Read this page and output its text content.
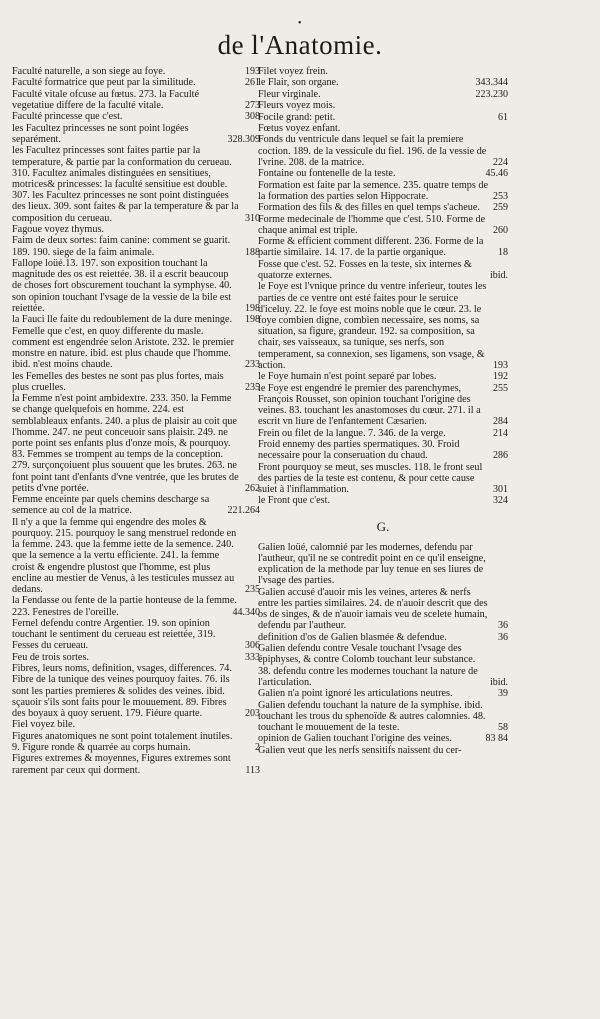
•
de l'Anatomie.
Faculté naturelle, a son siege au foye.	193
Faculté formatrice que peut par la similitude.	261
Faculté vitale ofcuse au fœtus. 273. la Faculté vegetatiue differe de la faculté vitale.	273
Faculté princesse que c'est.	308
les Facultez princesses ne sont point logées separément.	328.309
les Facultez princesses sont faites partie par la temperature, & partie par la conformation du cerueau. 310. Facultez animales distinguées en sensitiues, motrices& princesses: la faculté sensitiue est double. 307. les Facultez princesses ne sont point distinguées des lieux. 309. sont faites & par la temperature & par la composition du cerueau.	310
Fagoue voyez thymus.
Faim de deux sortes: faim canine: comment se guarit. 189. 190. siege de la faim animale.	188
Fallope loüé.13. 197. son exposition touchant la magnitude des os est reiettée. 38. il a escrit beaucoup de choses fort obscurement touchant la symphyse. 40. son opinion touchant l'vsage de la vessie de la bile est reiettée.	198
la Fauci lle faite du redoublement de la dure meninge. 198
Femelle que c'est, en quoy differente du masle. comment est engendrée selon Aristote. 232. le premier monstre en nature. ibid. est plus chaude que l'homme. ibid. n'est moins chaude.	233
les Femelles des bestes ne sont pas plus fortes, mais plus cruelles.	235
la Femme n'est point ambidextre. 233. 350. la Femme se change quelquefois en homme. 224. est semblableaux enfants. 240. a plus de plaisir au coit que l'homme. 247. ne peut conceuoir sans plaisir. 249. ne porte point ses enfants plus d'onze mois, & pourquoy. 83. Femmes se trompent au temps de la conception. 279. surçonçoiuent plus souuent que les brutes. 263. ne font point tant d'enfants d'vne ventrée, que les brutes de petits d'vne portée.	262
Femme enceinte par quels chemins descharge sa semence au col de la matrice.	221.264
Il n'y a que la femme qui engendre des moles & pourquoy. 215. pourquoy le sang menstruel redonde en la femme. 243. que la femme iette de la semence. 240. que la semence a la vertu efficiente. 241. la femme croist & engendre plustost que l'homme, est plus encline au mestier de Venus, à les testicules mussez au dedans.	235
la Fendasse ou fente de la partie honteuse de la femme. 223. Fenestres de l'oreille.	44.340
Fernel defendu contre Argentier. 19. son opinion touchant le sentiment du cerueau est reiettée, 319. Fesses du cerueau.	306
Feu de trois sortes.	333
Fibres, leurs noms, definition, vsages, differences. 74. Fibre de la tunique des veines pourquoy faites. 76. ils sont les parties premieres & solides des veines. ibid. sçauoir s'ils sont faits pour le mouuement. 89. Fibres des boyaux à quoy seruent. 179. Fiéure quarte.	203
Fiel voyez bile.
Figures anatomiques ne sont point totalement inutiles. 9. Figure ronde & quarrée au corps humain.	2
Figures extremes & moyennes, Figures extremes sont rarement par ceux qui dorment.	113
Filet voyez frein.
le Flair, son organe.	343.344
Fleur virginale.	223.230
Fleurs voyez mois.
Focile grand: petit.	61
Fœtus voyez enfant.
Fonds du ventricule dans lequel se fait la premiere coction. 189. de la vessicule du fiel. 196. de la vessie de l'vrine. 208. de la matrice.	224
Fontaine ou fontenelle de la teste.	45.46
Formation est faite par la semence. 235. quatre temps de la formation des parties selon Hippocrate.	253
Formation des fils & des filles en quel temps s'acheue. 259
Forme medecinale de l'homme que c'est. 510. Forme de chaque animal est triple.	260
Forme & efficient comment different. 236. Forme de la partie similaire. 14. 17. de la partie organique.	18
Fosse que c'est. 52. Fosses en la teste, six internes & quatorze externes.	ibid.
le Foye est l'vnique prince du ventre inferieur, toutes les parties de ce ventre ont esté faites pour le seruice d'iceluy. 22. le foye est moins noble que le cœur. 23. le foye combien digne, combien necessaire, ses noms, sa situation, sa figure, grandeur. 192. sa composition, sa chair, ses vaisseaux, sa tunique, ses nerfs, son temperament, sa connexion, ses ligamens, son vsage, & action.	193
le Foye humain n'est point separé par lobes.	192
le Foye est engendré le premier des parenchymes,	255
François Rousset, son opinion touchant l'origine des veines. 83. touchant les anastomoses du cœur. 271. il a escrit vn liure de l'enfantement Cæsarien.	284
Frein ou filet de la langue. 7. 346. de la verge.	214
Froid ennemy des parties spermatiques. 30. Froid necessaire pour la conseruation du chaud.	286
Front pourquoy se meut, ses muscles. 118. le front seul des parties de la teste est contenu, & pour cette cause suiet à l'inflammation.	301
le Front que c'est.	324
G.
Galien loüé, calomnié par les modernes, defendu par l'autheur, qu'il ne se contredit point en ce qu'il enseigne, explication de la methode par luy tenue en ses liures de l'vsage des parties.
Galien accusé d'auoir mis les veines, arteres & nerfs entre les parties similaires. 24. de n'auoir descrit que des os de singes, & de n'auoir iamais veu de scelete humain, defendu par l'autheur.	36
definition d'os de Galien blasmée & defendue.	36
Galien defendu contre Vesale touchant l'vsage des épiphyses, & contre Colomb touchant leur substance. 38. defendu contre les modernes touchant la nature de l'articulation.	ibid.
Galien n'a point ignoré les articulations neutres.	39
Galien defendu touchant la nature de la symphise. ibid. touchant les trous du sphenoïde & autres calomnies. 48. touchant le mouuement de la teste.	58
opinion de Galien touchant l'origine des veines.	83 84
Galien veut que les nerfs sensitifs naissent du cer-
